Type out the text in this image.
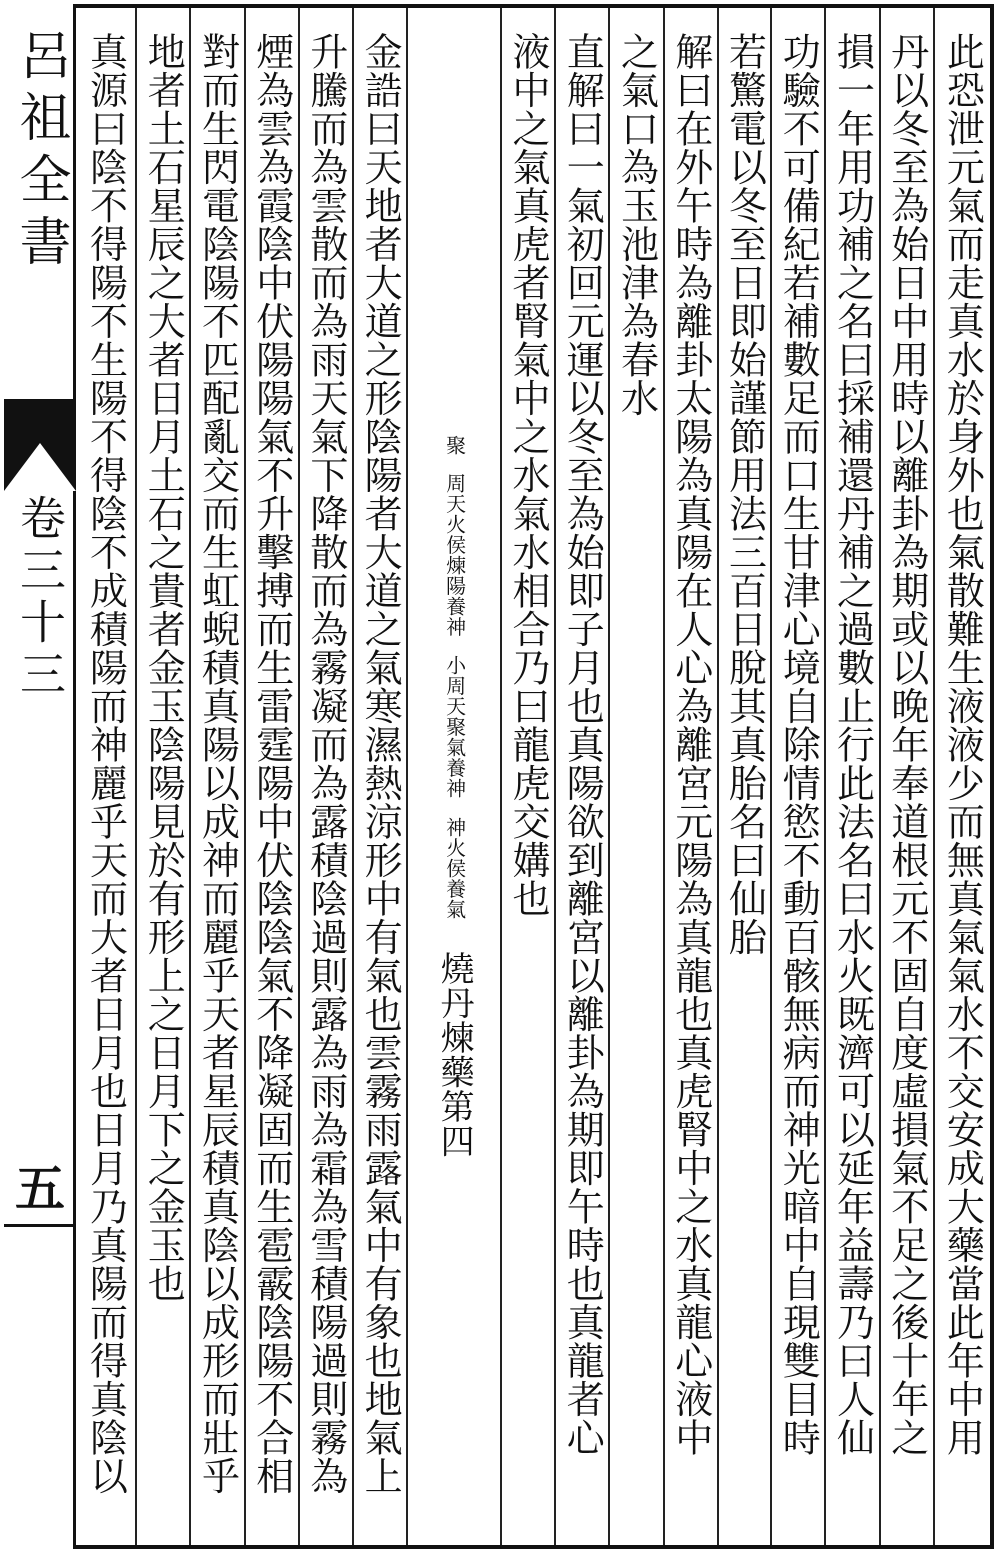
呂祖全書
卷三十三
五	此恐泄元氣而走真水於身外也氣散難生液液少而無真氣氣水不交安成大藥當此年中用
丹以冬至為始日中用時以離卦為期或以晚年奉道根元不固自度虛損氣不足之後十年之
損一年用功補之名曰採補還丹補之過數止行此法名曰水火既濟可以延年益壽乃曰人仙
功驗不可備紀若補數足而口生甘津心境自除情慾不動百骸無病而神光暗中自現雙目時
若驚電以冬至日即始謹節用法三百日脫其真胎名曰仙胎
解曰在外午時為離卦太陽為真陽在人心為離宮元陽為真龍也真虎腎中之水真龍心液中
之氣口為玉池津為春水
直解曰一氣初回元運以冬至為始即子月也真陽欲到離宮以離卦為期即午時也真龍者心
液中之氣真虎者腎氣中之水氣水相合乃曰龍虎交媾也
燒丹煉藥第四
神火侯養氣
小周天聚氣養神
周天火侯煉陽養神
聚
金誥曰天地者大道之形陰陽者大道之氣寒濕熱涼形中有氣也雲霧雨露氣中有象也地氣上
升騰而為雲散而為雨天氣下降散而為霧凝而為露積陰過則露為雨為霜為雪積陽過則霧為
煙為雲為霞陰中伏陽陽氣不升擊搏而生雷霆陽中伏陰陰氣不降凝固而生雹霰陰陽不合相
對而生閃電陰陽不匹配亂交而生虹蜺積真陽以成神而麗乎天者星辰積真陰以成形而壯乎
地者土石星辰之大者日月土石之貴者金玉陰陽見於有形上之日月下之金玉也
真源曰陰不得陽不生陽不得陰不成積陽而神麗乎天而大者日月也日月乃真陽而得真陰以
